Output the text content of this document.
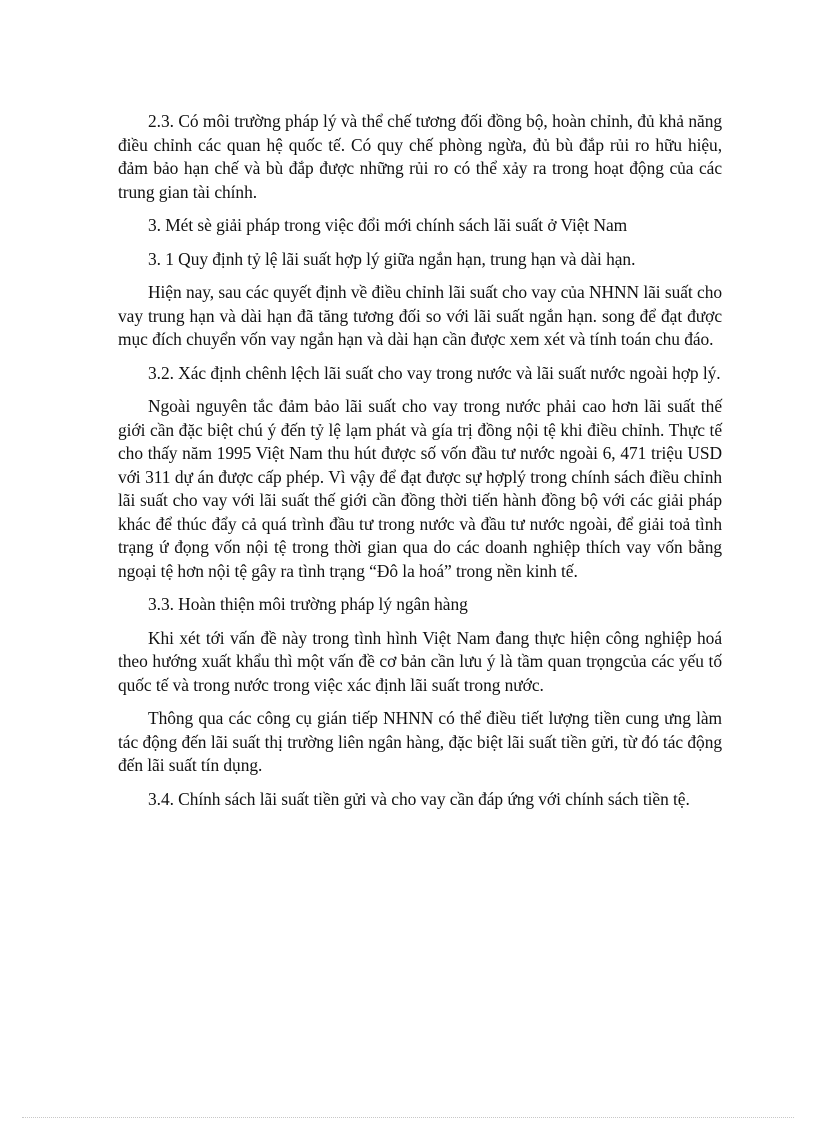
2.3. Có môi trường pháp lý và thể chế tương đối đồng bộ, hoàn chỉnh, đủ khả năng điều chỉnh các quan hệ quốc tế. Có quy chế phòng ngừa, đủ bù đắp rủi ro hữu hiệu, đảm bảo hạn chế và bù đắp được những rủi ro có thể xảy ra trong hoạt động của các trung gian tài chính.

3. Mét sè giải pháp trong việc đổi mới chính sách lãi suất ở Việt Nam

3. 1 Quy định tỷ lệ lãi suất hợp lý giữa ngắn hạn, trung hạn và dài hạn.

Hiện nay, sau các quyết định về điều chỉnh lãi suất cho vay của NHNN lãi suất cho vay trung hạn và dài hạn đã tăng tương đối so với lãi suất ngắn hạn. song để đạt được mục đích chuyển vốn vay ngắn hạn và dài hạn cần được xem xét và tính toán chu đáo.

3.2. Xác định chênh lệch lãi suất cho vay trong nước và lãi suất nước ngoài hợp lý.

Ngoài nguyên tắc đảm bảo lãi suất cho vay trong nước phải cao hơn lãi suất thế giới cần đặc biệt chú ý đến tỷ lệ lạm phát và gía trị đồng nội tệ khi điều chỉnh. Thực tế cho thấy năm 1995 Việt Nam thu hút được số vốn đầu tư nước ngoài 6, 471 triệu USD với 311 dự án được cấp phép. Vì vậy để đạt được sự hợplý trong chính sách điều chỉnh lãi suất cho vay với lãi suất thế giới cần đồng thời tiến hành đồng bộ với các giải pháp khác để thúc đẩy cả quá trình đầu tư trong nước và đầu tư nước ngoài, để giải toả tình trạng ứ đọng vốn nội tệ trong thời gian qua do các doanh nghiệp thích vay vốn bằng ngoại tệ hơn nội tệ gây ra tình trạng “Đô la hoá” trong nền kinh tế.

3.3. Hoàn thiện môi trường pháp lý ngân hàng

Khi xét tới vấn đề này trong tình hình Việt Nam đang thực hiện công nghiệp hoá theo hướng xuất khẩu thì một vấn đề cơ bản cần lưu ý là tầm quan trọngcủa các yếu tố quốc tế và trong nước trong việc xác định lãi suất trong nước.

Thông qua các công cụ gián tiếp NHNN có thể điều tiết lượng tiền cung ưng làm tác động đến lãi suất thị trường liên ngân hàng, đặc biệt lãi suất tiền gửi, từ đó tác động đến lãi suất tín dụng.

3.4. Chính sách lãi suất tiền gửi và cho vay cần đáp ứng với chính sách tiền tệ.
